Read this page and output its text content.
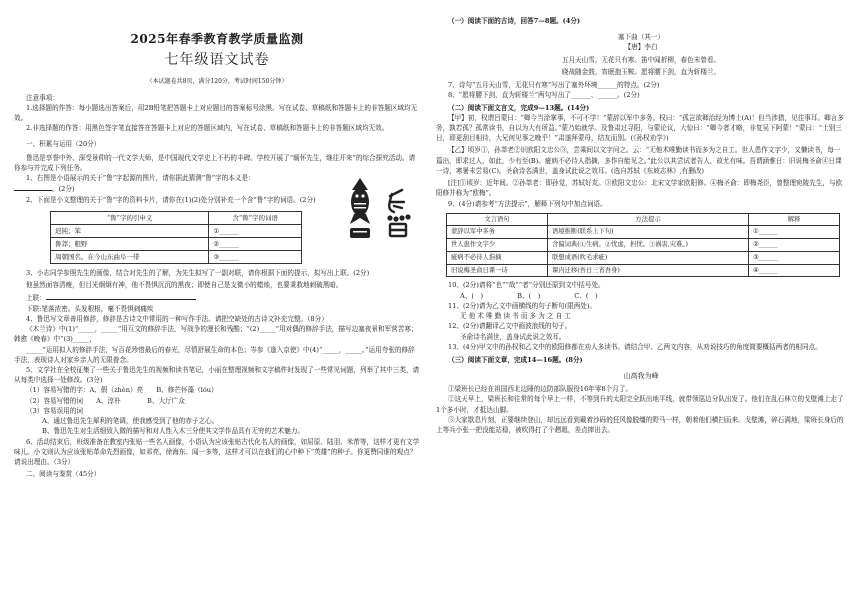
2025年春季教育教学质量监测

七年级语文试卷

（本试题卷共8页，满分120分，考试时间150分钟）

注意事项：

1.选择题的作答：每小题选出答案后，用2B铅笔把答题卡上对应题目的答案标号涂黑。写在试卷、草稿纸和答题卡上的非答题区域均无效。

2.非选择题的作答：用黑色签字笔直接答在答题卡上对应的答题区域内，写在试卷、草稿纸和答题卡上的非答题区域均无效。

一、积累与运用（20分）

鲁迅是享誉中外、深受景仰的一代文学大师，是中国现代文学史上不朽的丰碑。学校开展了“缅怀先生，继往开来”的综合探究活动。请你参与并完成下列任务。

1、右图是小语展示的关于“鲁”字起源的图片，请你据此猜测“鲁”字的本义是：
。(2分)

2、下面是小文整理的关于“鲁”字的资料卡片，请你在(1)(2)处分别补充一个含“鲁”字的词语。(2分)

“鲁”字的引申义	含“鲁”字的词语
迟钝；笨	①______
鲁莽；粗野	②______
周朝国名。在今山东曲阜一带	③______

3、小志同学参照先生的画像，结合对先生的了解，为先生拟写了一副对联，请你根据下面的提示，拟写出上联。(2分)

他虽然面容清瘦，但目光炯炯有神，他不畏惧沉沉的黑夜；即使自己是支微小的蜡烛，也要秉救地刺破黑暗。

上联：

下联:笔落浓密。头发根根，毫不畏惧刺痛疾

4、鲁迅写文章善用修辞，修辞是古诗文中常用的一种写作手法。请把空缺处的古诗文补充完整。（8分）

《木兰诗》中(1)“_____，_____”用互文的修辞手法，写战争的漫长和残酷；“(2)_____”用对偶的修辞手法，描写边塞夜景和军营苦寒；韩愈《晚春》中“(3)_____，

_____”运用拟人的修辞手法，写百花珍惜最后的春光，尽情舒展生命的本色；岑参《逢入京使》中(4)“_____，_____。”运用夸张的修辞手法，表现诗人对家乡亲人的无限眷念。

5、文学社在全校征集了一些关于鲁迅先生的视频和读书笔记，小丽在整理视频和文字稿件时发现了一些常见词题，列举了其中三类，请从每类中选择一处修改。(3分)

（1）容易写错的字：A、假（zhèn）亮　　B、修芒怀藻（lóu）

（2）容易写错的词　　A、淳朴　　　　B、大厅广众

（3）容易误用的词

A、通过鲁迅先生犀利的笔调，使我感受到了他的赤子之心。

B、鲁迅先生对生活细致入微的描写和对人性入木三分使其文学作品具有无穷的艺术魅力。

6、活动结束后，班级准备在教室内张贴一些名人画像，小语认为应该张贴古代化名人的画像，如屈原、陆羽、米芾等，这样才更有文学味儿。小文则认为应该张贴革命先烈画像，如邓亮、徐海东、闻一多等，这样才可以在我们的心中种下“英雄”的种子。你更赞同谁的观点？请说出理由。（3分）

二、阅读与鉴赏（45分）

（一）阅读下面的古诗，回答7—8题。(4分)

塞下曲（其一）

【唐】李白

五月天山雪，无花只有寒。笛中闻折柳，春色未曾看。

晓战随金鼓，宵眠抱玉鞍。愿将腰下剑，直为斩楼兰。

7、诗句“五月天山雪，无花只有寒”写出了塞外环境______的特点。(2分)

8、“愿将腰下剑，直为斩楼兰”两句写出了______、______。(2分)

（二）阅读下面文言文，完成9—13题。(14分)

【甲】初，权谓吕蒙曰：“卿今当涂掌事，不可不学！”蒙辞以军中多务。权曰：“孤岂欲卿治经为博士(A)！但当涉猎，见往事耳。卿言多务，孰若孤？孤常读书，自以为大有所益。”蒙乃始就学。及鲁肃过寻阳，与蒙论议，大惊曰：“卿今者才略，非复吴下阿蒙！”蒙曰：“士别三日，即更刮目相待，大兄何见事之晚乎！”肃遂拜蒙母，结友而别。(《孙权劝学》)

【乙】顷岁①，孙莘老②识欧阳文忠公③，尝乘间以文字问之。云：“无他术唯勤读书而多为之自工。世人患作文字少，又懒读书，每一篇出，即求过人，如此，少有至(B)。疵病不必待人指摘，多作自能见之。”此公以其尝试者告人，故尤有味。吾谓涵雅日：旧说梅圣俞④日课一诗，寒暑未尝易(C)。圣俞诗名满世，盖身试此说之效耳。(选自苏轼《东坡志林》,有删改)

[注]①顷岁：近年间。②孙莘老：即孙觉，苏轼好友。③欧阳文忠公：北宋文学家欧阳修。④梅圣俞：即梅尧臣，曾整理宛陵先生，与欧阳修并称为“欧梅”。

9、(4分)请参考“方法提示”，解释下列句中加点词语。

文言语句	方法提示	解释
蒙辞以军中多务	语境推断(联系上下句)	①______
世人患作文字少	含偏词典(①生病。②忧虑，担忧。③祸害,灾难。)	②______
疵病不必待人指摘	联想成语(吹毛求疵)	③______
旧说梅圣俞日课一诗	课内迁移(吾日三省吾身)	④______

10、(2分)请将“也”“哉”“者”分别还原到文中括号处。

A、(　)	B、(　)	C、(　)

11、(2分)请为乙文中画横线的句子断句(限两处)。

无 他 术 唯 勤 读 书 而 多 为 之 自 工

12、(2分)请翻译乙文中画波浪线的句子。

圣俞诗名满世，盖身试此说之效耳。

13、(4分)甲文中的孙权和乙文中的欧阳修都在劝人多读书。请结合甲、乙两文内容，从劝说技巧的角度简要概括两者的相同点。

（三）阅读下面文章，完成14—16题。(8分)

山高我为峰

①梁班长已经在祖国西北边陲的边防部队服役16年零8个月了。

②这天早上，梁班长和往常的每个早上一样，不等到升的太阳完全跃出地平线，就带领巡边分队出发了。他们在乱石林立的戈壁滩上走了1个多小时，才抵达山脚。

③大家歇息片刻，正要继续登山，却远远看到戴着沙砾的狂风像脱缰的野马一样，朝着他们横扫而来。戈壁滩，碎石满地，梁班长身后的上等兵小张一把没能站稳，被吹得打了个趔趄，差点摔出去。
